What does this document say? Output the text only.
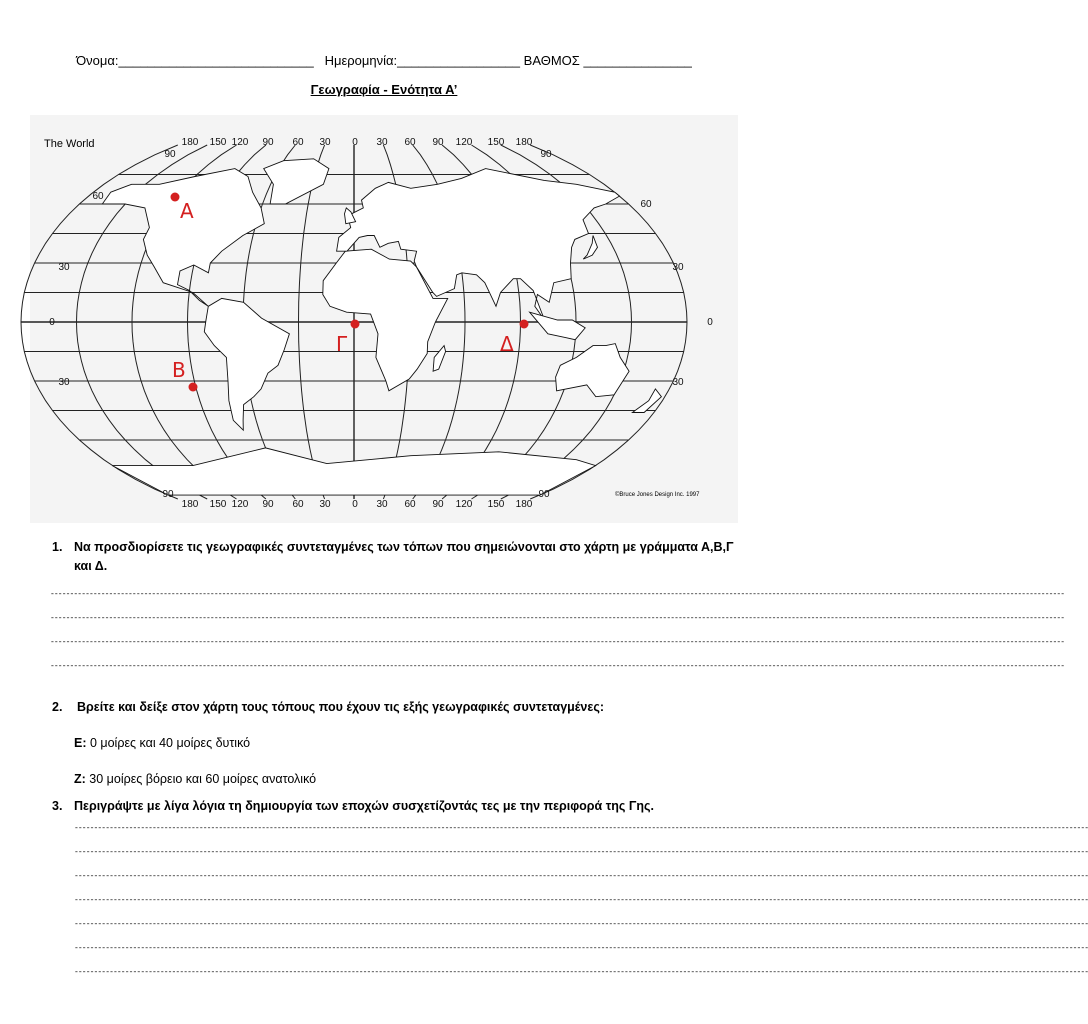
Όνομα:___________________________ Ημερομηνία:_________________ ΒΑΘΜΟΣ _______________
Γεωγραφία - Ενότητα Α’
180 150 120 90 60 30 0 30 60 90 120 150 180
180 150 120 90 60 30 0 30 60 90 120 150 180
90	90
90	90
60
30
0
30
60
30
0
30
The World
©Bruce Jones Design Inc. 1997
Α
Β
Γ	Δ
1. Να προσδιορίσετε τις γεωγραφικές συντεταγμένες των τόπων που σημειώνονται στο χάρτη με γράμματα Α,Β,Γ
και Δ.
--------------------------------------------------------------------------------------------------------------------------------------------------------------------------------------------------------------------------------------------------------------------
--------------------------------------------------------------------------------------------------------------------------------------------------------------------------------------------------------------------------------------------------------------------
--------------------------------------------------------------------------------------------------------------------------------------------------------------------------------------------------------------------------------------------------------------------
--------------------------------------------------------------------------------------------------------------------------------------------------------------------------------------------------------------------------------------------------------------------
2. Βρείτε και δείξε στον χάρτη τους τόπους που έχουν τις εξής γεωγραφικές συντεταγμένες:
Ε: 0 μοίρες και 40 μοίρες δυτικό
Ζ: 30 μοίρες βόρειο και 60 μοίρες ανατολικό
3. Περιγράψτε με λίγα λόγια τη δημιουργία των εποχών συσχετίζοντάς τες με την περιφορά της Γης.
--------------------------------------------------------------------------------------------------------------------------------------------------------------------------------------------------------------------------------------------------------------------
--------------------------------------------------------------------------------------------------------------------------------------------------------------------------------------------------------------------------------------------------------------------
--------------------------------------------------------------------------------------------------------------------------------------------------------------------------------------------------------------------------------------------------------------------
--------------------------------------------------------------------------------------------------------------------------------------------------------------------------------------------------------------------------------------------------------------------
--------------------------------------------------------------------------------------------------------------------------------------------------------------------------------------------------------------------------------------------------------------------
--------------------------------------------------------------------------------------------------------------------------------------------------------------------------------------------------------------------------------------------------------------------
--------------------------------------------------------------------------------------------------------------------------------------------------------------------------------------------------------------------------------------------------------------------
